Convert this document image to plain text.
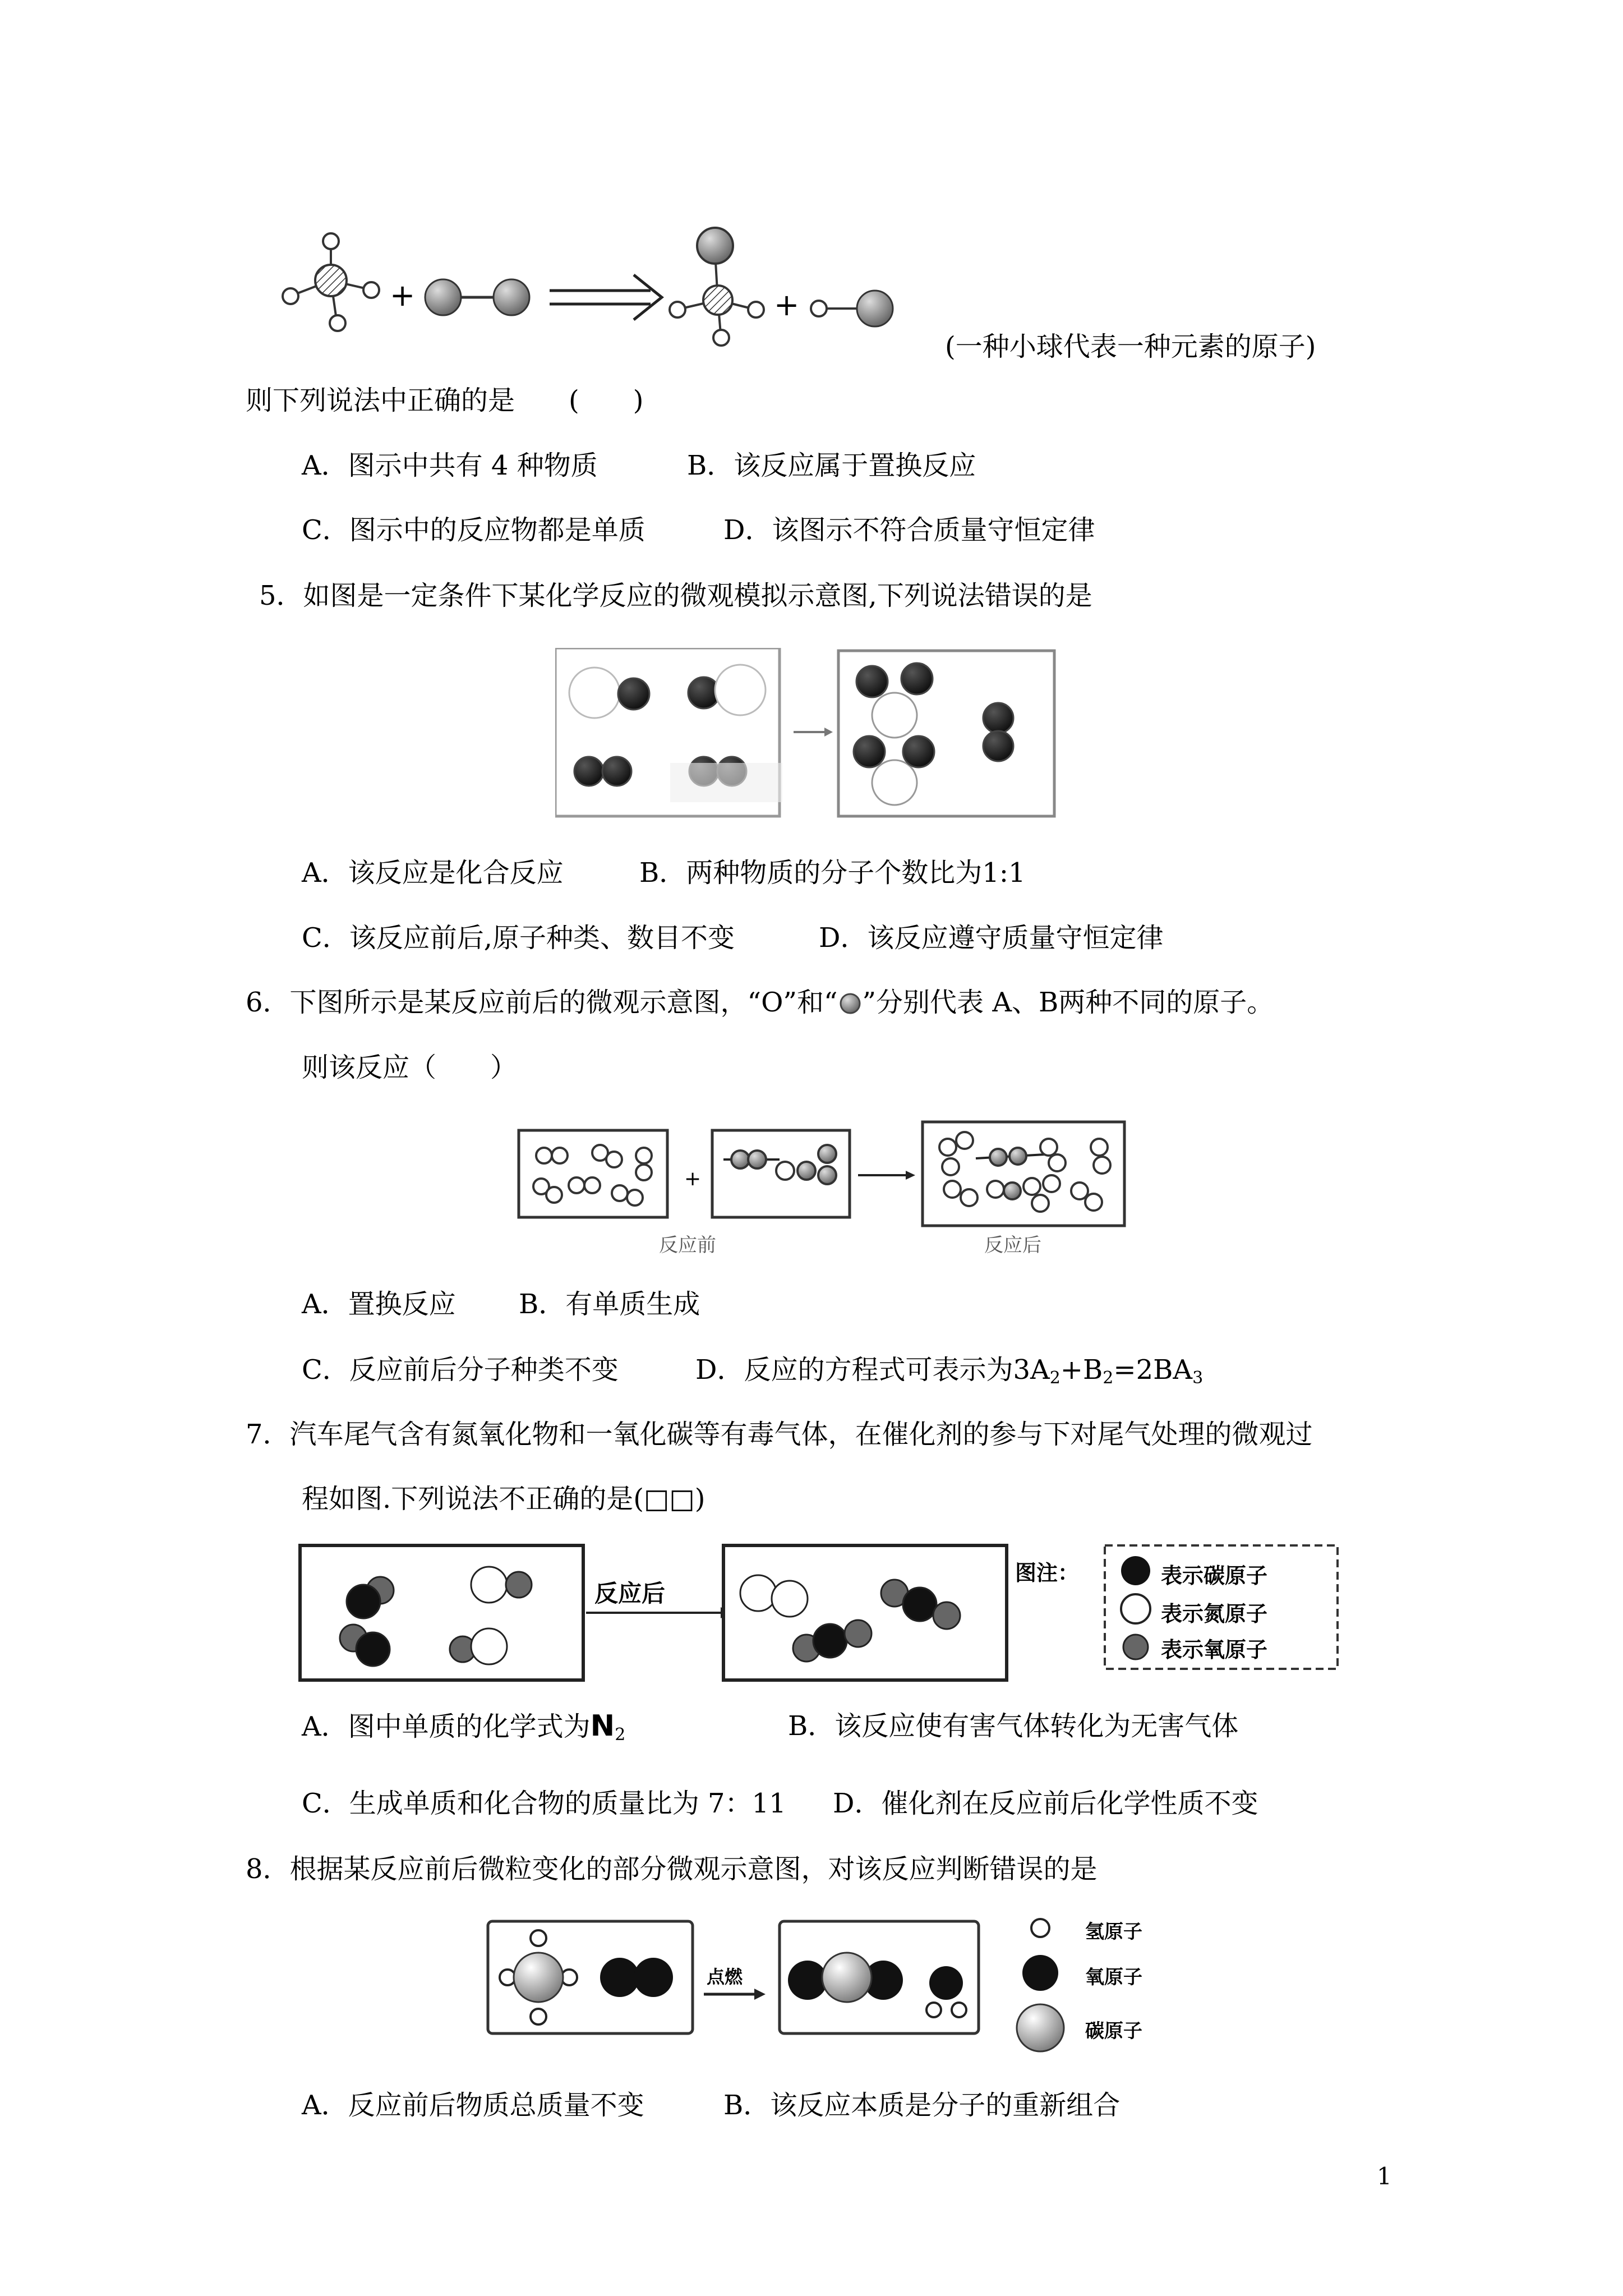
+	+
(一种小球代表一种元素的原子)
则下列说法中正确的是　　(　　)
A．图示中共有 4 种物质	B．该反应属于置换反应
C．图示中的反应物都是单质	D．该图示不符合质量守恒定律
5．如图是一定条件下某化学反应的微观模拟示意图,下列说法错误的是
A．该反应是化合反应	B．两种物质的分子个数比为1:1
C．该反应前后,原子种类、数目不变	D．该反应遵守质量守恒定律
6．下图所示是某反应前后的微观示意图，“O”和“ ”分别代表 A、B两种不同的原子。
则该反应（　　）
+
反应前	反应后
A．置换反应 B．有单质生成
C．反应前后分子种类不变	D．反应的方程式可表示为$3A_2+B_2=2BA_3$
7．汽车尾气含有氮氧化物和一氧化碳等有毒气体，在催化剂的参与下对尾气处理的微观过
程如图.下列说法不正确的是(□□)
反应后
图注：	表示碳原子
表示氮原子
表示氧原子
A．图中单质的化学式为$N_2$	B．该反应使有害气体转化为无害气体
C．生成单质和化合物的质量比为 7：11 D．催化剂在反应前后化学性质不变
8．根据某反应前后微粒变化的部分微观示意图，对该反应判断错误的是
点燃
氢原子
氧原子
碳原子
A．反应前后物质总质量不变	B．该反应本质是分子的重新组合
1
